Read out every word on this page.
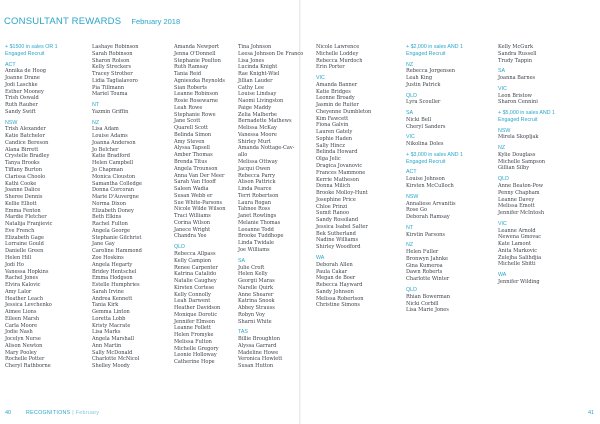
CONSULTANT REWARDS February 2018
+ $1500 in sales OR 1
Engaged Recruit
ACT
Annika de Hoog
Joanne Drane
Jodi Laschke
Esther Mooney
Trish Oswald
Ruth Rauber
Sandy Swift
NSW
Trish Alexander
Katie Batchelor
Candice Bereson
Alana Birrett
Crystelle Bradley
Tanya Brooks
Tiffany Burton
Clarissa Choolo
Kathi Cooke
Joanne Dalice
Sheree Dennis
Kellie Elliott
Emma Fenton
Mardie Fletcher
Natalija Franjievic
Eve French
Elizabeth Gage
Lorraine Gould
Danielle Green
Helen Hill
Jodi Ho
Vanessa Hopkins
Rachel Jones
Elvira Kalovic
Amy Lalor
Heather Leach
Jessica Levchenko
Aimee Lions
Eileen Marsh
Carla Moore
Jodie Nash
Jocelyn Nurse
Alison Newton
Mary Pooley
Rochelle Potter
Cheryl Rathborne
Lashaye Robinson
Sarah Robinson
Sharon Rolson
Kelly Streckers
Tracey Strother
Lidia Taglialavoro
Pia Tillmann
Mariel Touma
NT
Yazmin Griffin
NZ
Lisa Adam
Louise Adams
Joanna Anderson
Jo Belcher
Katie Bradford
Helen Campbell
Jo Chapman
Monica Clouston
Samantha Colledge
Donna Corcoran
Marie D'Auvergne
Norma Dixon
Elizabeth Doney
Beth Elkins
Rachel Fulton
Angela George
Stephanie Gilchrist
Jane Gay
Caroline Hammond
Zoe Hoskins
Angela Hegarty
Bridey Hentschel
Emma Hodgson
Estelle Humphries
Sarah Irvine
Andrea Kennett
Tania Kirk
Gemma Linton
Loretta Lobb
Kristy Macrate
Lisa Marks
Angela Marshall
Ann Martin
Sally McDonald
Charlotte McNicol
Shelley Moody
Amanda Newport
Jenna O'Donnell
Stephanie Poulton
Ruth Ramsay
Tania Reid
Agnieszka Reynolds
Sian Roberts
Leanne Robinson
Rosie Rosewarne
Leah Rowe
Stephanie Rowe
Jane Scott
Quarell Scott
Belinda Simon
Amy Steven
Alyssa Tapsell
Amber Thomas
Brenda Titus
Angela Trounson
Anna Van Der Meer
Sarah Van Hooff
Saleen Wadia
Susan Webb er
Sue White-Parsons
Nicole Wilde Wilson
Traci Williams
Corina Wilson
Janece Wright
Chandra Yee
QLD
Rebecca Allpass
Kelly Campion
Renee Carpenter
Katrina Catalido
Natalie Caughey
Kirsten Cortese
Kelly Connolly
Leah Darwent
Heather Davidson
Monique Dorotic
Jennifer Elmson
Leanne Follett
Helen Fromyke
Melissa Fulton
Michelle Gregory
Leonie Holloway
Catherine Hope
Tina Johnson
Leesa Johnson De Franco
Lisa Jones
Lucinda Knight
Rae Knight-Wiel
Jillian Lauder
Cathy Lee
Louise Lindsay
Naomi Livingston
Paige Maddy
Zelia Malherbe
Bernadette Mathews
Melissa McKay
Vanessa Moore
Shirley Murt
Amanda Nottage-Cav-
allo
Melissa Ottway
Jacqui Owen
Rebecca Parry
Alison Pattrick
Linda Pearce
Terri Robertson
Laura Rogan
Tahnee Ross
Janet Rowlings
Melanie Thomas
Leeanne Todd
Brooke Tuddhope
Linda Twidale
Joe Williams
SA
Julie Croft
Helen Kelly
Georgii Maras
Narelle Quirk
Anne Shearer
Katrina Snook
Abbey Strauss
Robyn Voy
Sharni White
TAS
Billie Broughton
Alyssa Garrard
Madeline Howe
Veronica Howlett
Susan Hutton
Nicole Lawrence
Michelle Loddey
Rebecca Murdoch
Erin Porter
VIC
Amanda Banner
Katie Bridges
Leonne Broady
Jasmin de Ruiter
Cheyenne Dumbleton
Kim Fawcett
Fiona Galvin
Lauren Gately
Sophie Haden
Sally Hincz
Belinda Howard
Olga Jelic
Dragica Jovanovic
Frances Mammone
Kerrie Matheson
Donna Milich
Brooke Molloy-Hunt
Josephine Price
Chloe Prinzi
Sumit Ranoo
Sandy Rossiland
Jessica Isabel Salter
Bek Sutherland
Nadine Williams
Shirley Woodford
WA
Deborah Allen
Paula Cakar
Megan de Boer
Rebecca Hayward
Sandy Johnson
Melissa Robertson
Christine Simons
+ $2,000 in sales AND 1
Engaged Recruit
NZ
Rebecca Jorgensen
Leah King
Justin Patrick
QLD
Lyra Scouller
SA
Nicki Bell
Cheryl Sanders
VIC
Nikolina Doles
+ $3,000 in sales AND 1
Engaged Recruit
ACT
Louise Johnson
Kirsten McCulloch
NSW
Annaliese Arvanitis
Rose Go
Deborah Ramsay
NT
Kirstin Parsons
NZ
Helen Fuller
Bronwyn Jahnke
Gina Kumeroa
Dawn Roberts
Charlotte Winter
QLD
Rhian Bowerman
Nicki Corbill
Lisa Marie Jones
Kelly McGurk
Sandra Russell
Trudy Tappin
SA
Joanna Barnes
VIC
Leon Bristow
Sharon Cennini
+ $5,000 in sales AND 1
Engaged Recruit
NSW
Mirela Skopljak
NZ
Kylie Douglass
Michelle Sampson
Gillian Silby
QLD
Anne Beaton-Pow
Penny Chapham
Leanne Davey
Melissa Emott
Jennifer McIntosh
VIC
Leanne Arnold
Newena Gmovac
Kate Lamont
Anita Markovic
Zulejha Salihdjia
Michelle Sbitti
WA
Jennifer Wilding
40	RECOGNITIONS | February	41
